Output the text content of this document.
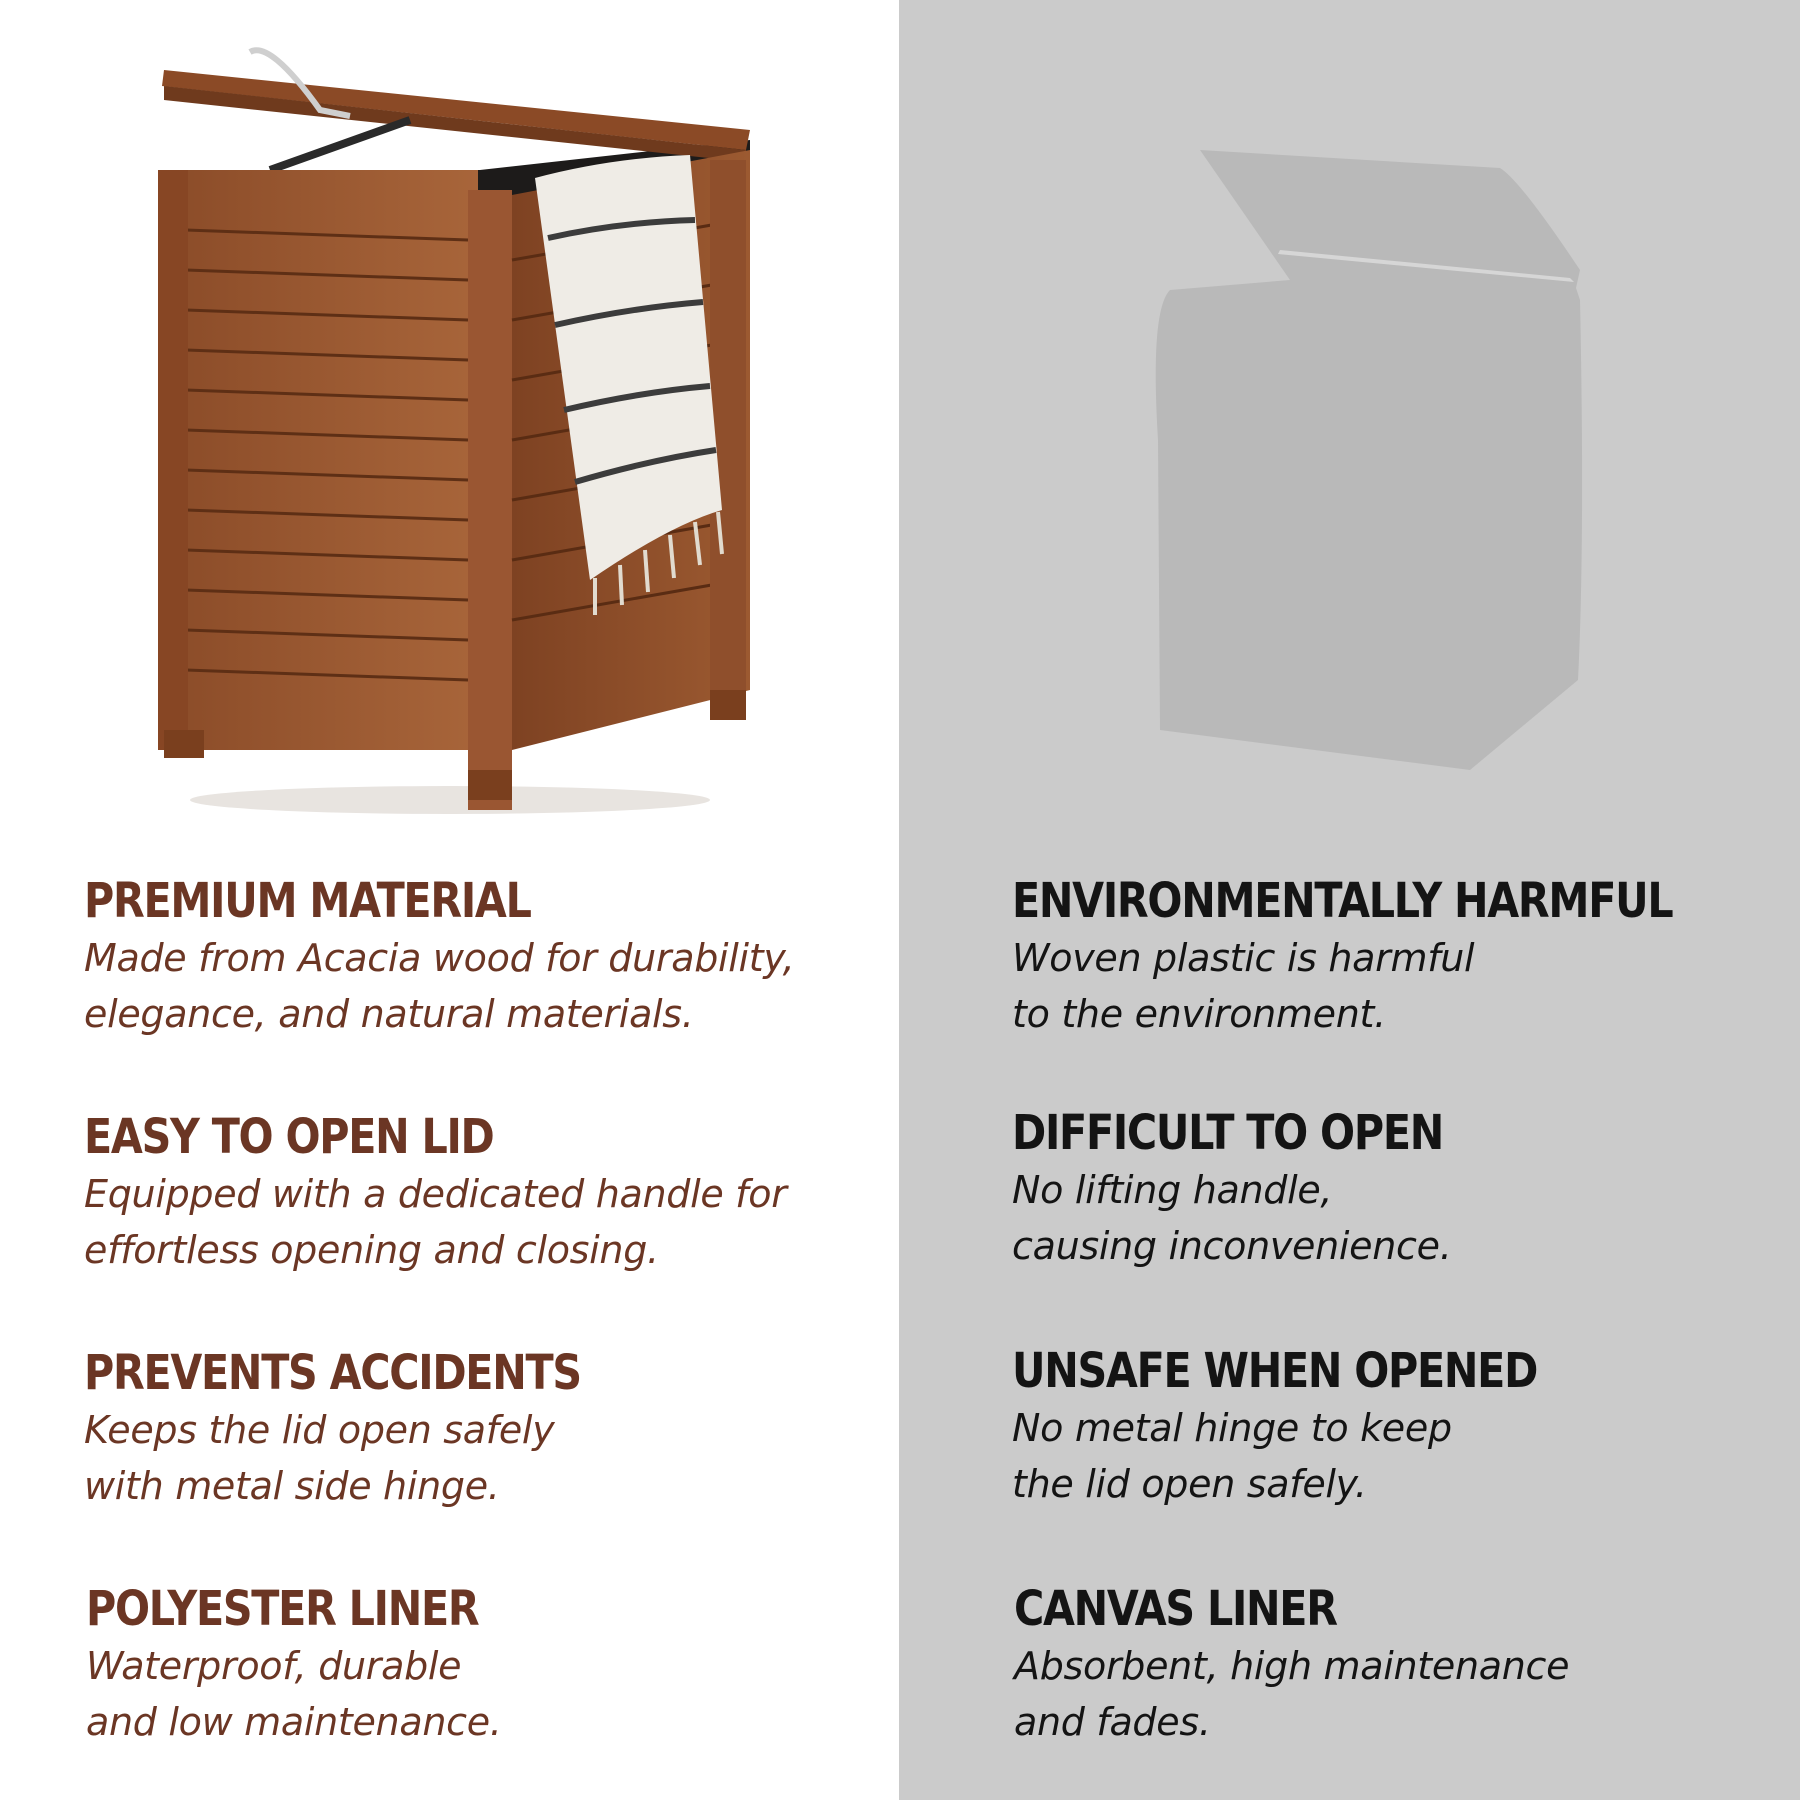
PREMIUM MATERIAL
Made from Acacia wood for durability,
elegance, and natural materials.
EASY TO OPEN LID
Equipped with a dedicated handle for
effortless opening and closing.
PREVENTS ACCIDENTS
Keeps the lid open safely
with metal side hinge.
POLYESTER LINER
Waterproof, durable
and low maintenance.
ENVIRONMENTALLY HARMFUL
Woven plastic is harmful
to the environment.
DIFFICULT TO OPEN
No lifting handle,
causing inconvenience.
UNSAFE WHEN OPENED
No metal hinge to keep
the lid open safely.
CANVAS LINER
Absorbent, high maintenance
and fades.
